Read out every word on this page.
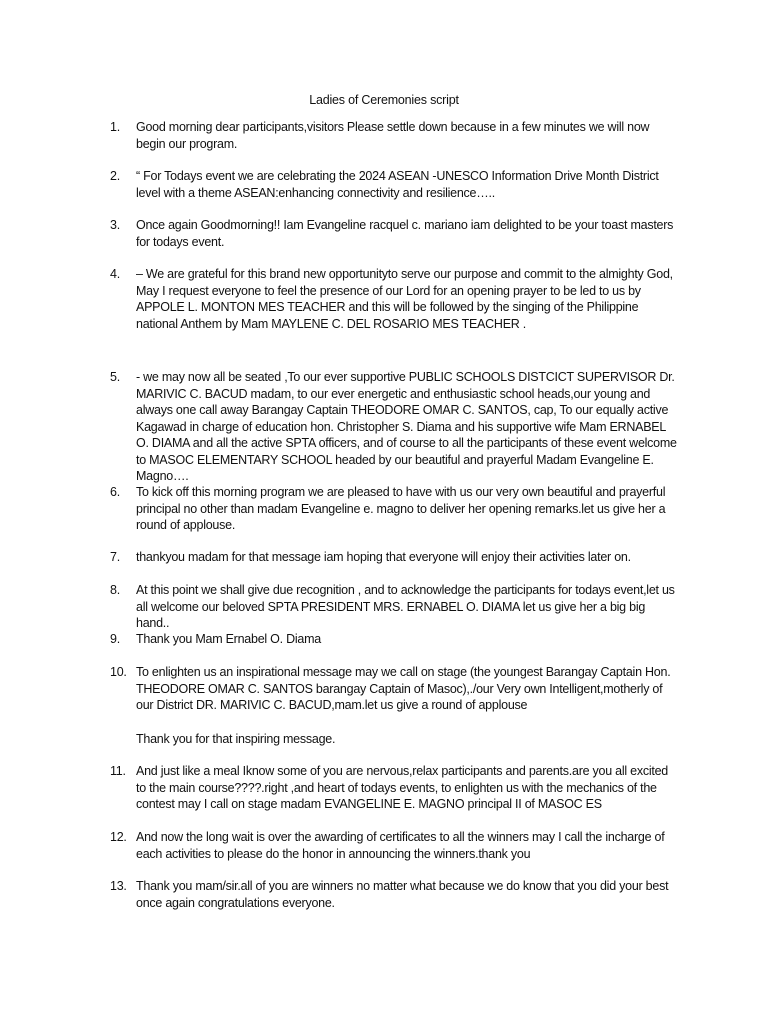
Ladies of Ceremonies script
1.	Good morning dear participants,visitors Please settle down because in a few minutes we will now begin our program.
2.	“ For Todays event we are celebrating the 2024 ASEAN -UNESCO Information Drive Month District level with a theme ASEAN:enhancing connectivity and resilience…..
3.	Once again Goodmorning!! Iam Evangeline racquel c. mariano iam delighted to be your toast masters for todays event.
4.	– We are grateful for this brand new opportunityto serve our purpose and commit to the almighty God, May I request everyone to feel the presence of our Lord for an opening prayer to be led to us by APPOLE L. MONTON MES TEACHER and this will be followed by the singing of the Philippine national Anthem by Mam MAYLENE C. DEL ROSARIO MES TEACHER .
5.	- we may now all be seated ,To our ever supportive PUBLIC SCHOOLS DISTCICT SUPERVISOR Dr. MARIVIC C. BACUD madam, to our ever energetic and enthusiastic school heads,our young and always one call away Barangay Captain THEODORE OMAR C. SANTOS, cap, To our equally active Kagawad in charge of education hon. Christopher S. Diama and his supportive wife Mam ERNABEL O. DIAMA and all the active SPTA officers, and of course to all the participants of these event welcome to MASOC ELEMENTARY SCHOOL headed by our beautiful and prayerful Madam Evangeline E. Magno….
6.	To kick off this morning program we are pleased to have with us our very own beautiful and prayerful principal no other than madam Evangeline e. magno to deliver her opening remarks.let us give her a round of applouse.
7.	thankyou madam for that message iam hoping that everyone will enjoy their activities later on.
8.	At this point we shall give due recognition , and to acknowledge the participants for todays event,let us all welcome our beloved SPTA PRESIDENT MRS. ERNABEL O. DIAMA let us give her a big big hand..
9.	Thank you Mam Ernabel O. Diama
10. To enlighten us an inspirational message may we call on stage (the youngest Barangay Captain Hon. THEODORE OMAR C. SANTOS barangay Captain of Masoc),./our Very own Intelligent,motherly of our District DR. MARIVIC C. BACUD,mam.let us give a round of applouse
Thank you for that inspiring message.
11. And just like a meal Iknow some of you are nervous,relax participants and parents.are you all excited to the main course????.right ,and heart of todays events, to enlighten us with the mechanics of the contest may I call on stage madam EVANGELINE E. MAGNO principal II of MASOC ES
12. And now the long wait is over the awarding of certificates to all the winners may I call the incharge of each activities to please do the honor in announcing the winners.thank you
13. Thank you mam/sir.all of you are winners no matter what because we do know that you did your best once again congratulations everyone.
